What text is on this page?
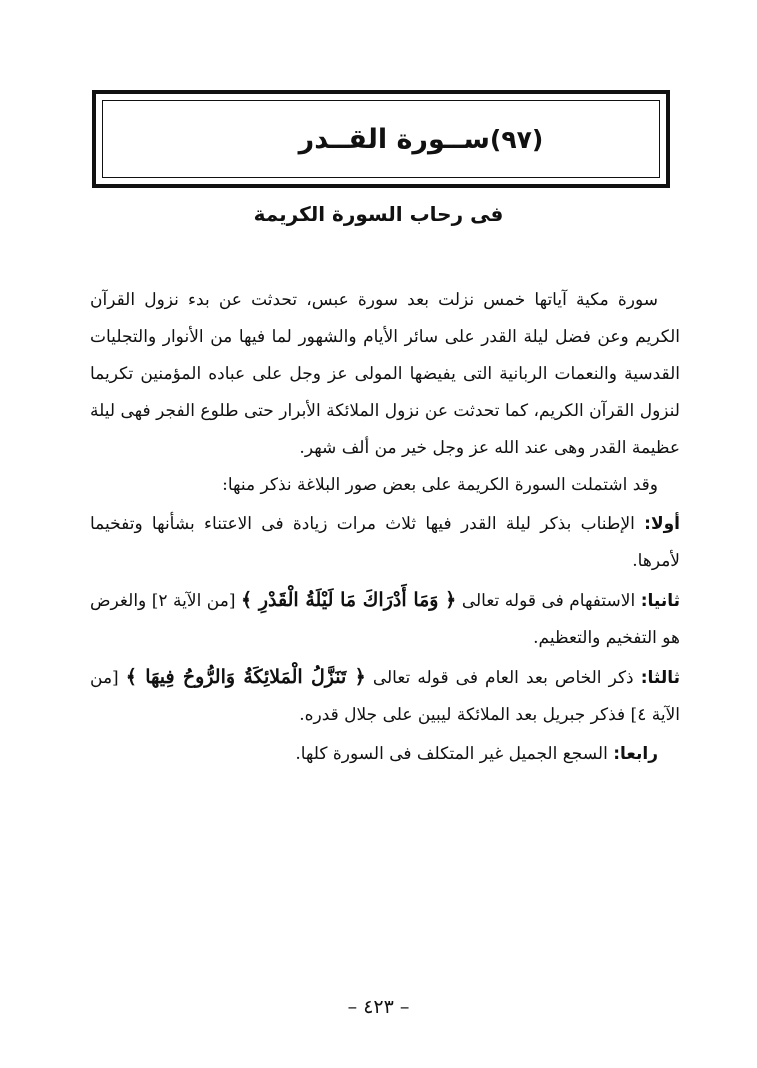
(٩٧)
ســورة القــدر
فى رحاب السورة الكريمة

سورة مكية آياتها خمس نزلت بعد سورة عبس، تحدثت عن بدء نزول القرآن الكريم وعن فضل ليلة القدر على سائر الأيام والشهور لما فيها من الأنوار والتجليات القدسية والنعمات الربانية التى يفيضها المولى عز وجل على عباده المؤمنين تكريما لنزول القرآن الكريم، كما تحدثت عن نزول الملائكة الأبرار حتى طلوع الفجر فهى ليلة عظيمة القدر وهى عند الله عز وجل خير من ألف شهر.

وقد اشتملت السورة الكريمة على بعض صور البلاغة نذكر منها:

أولا: الإطناب بذكر ليلة القدر فيها ثلاث مرات زيادة فى الاعتناء بشأنها وتفخيما لأمرها.

ثانيا: الاستفهام فى قوله تعالى ﴿ وَمَا أَدْرَاكَ مَا لَيْلَةُ الْقَدْرِ ﴾ [من الآية ٢] والغرض هو التفخيم والتعظيم.

ثالثا: ذكر الخاص بعد العام فى قوله تعالى ﴿ تَنَزَّلُ الْمَلائِكَةُ وَالرُّوحُ فِيهَا ﴾ [من الآية ٤] فذكر جبريل بعد الملائكة ليبين على جلال قدره.

رابعا: السجع الجميل غير المتكلف فى السورة كلها.

– ٤٢٣ –
